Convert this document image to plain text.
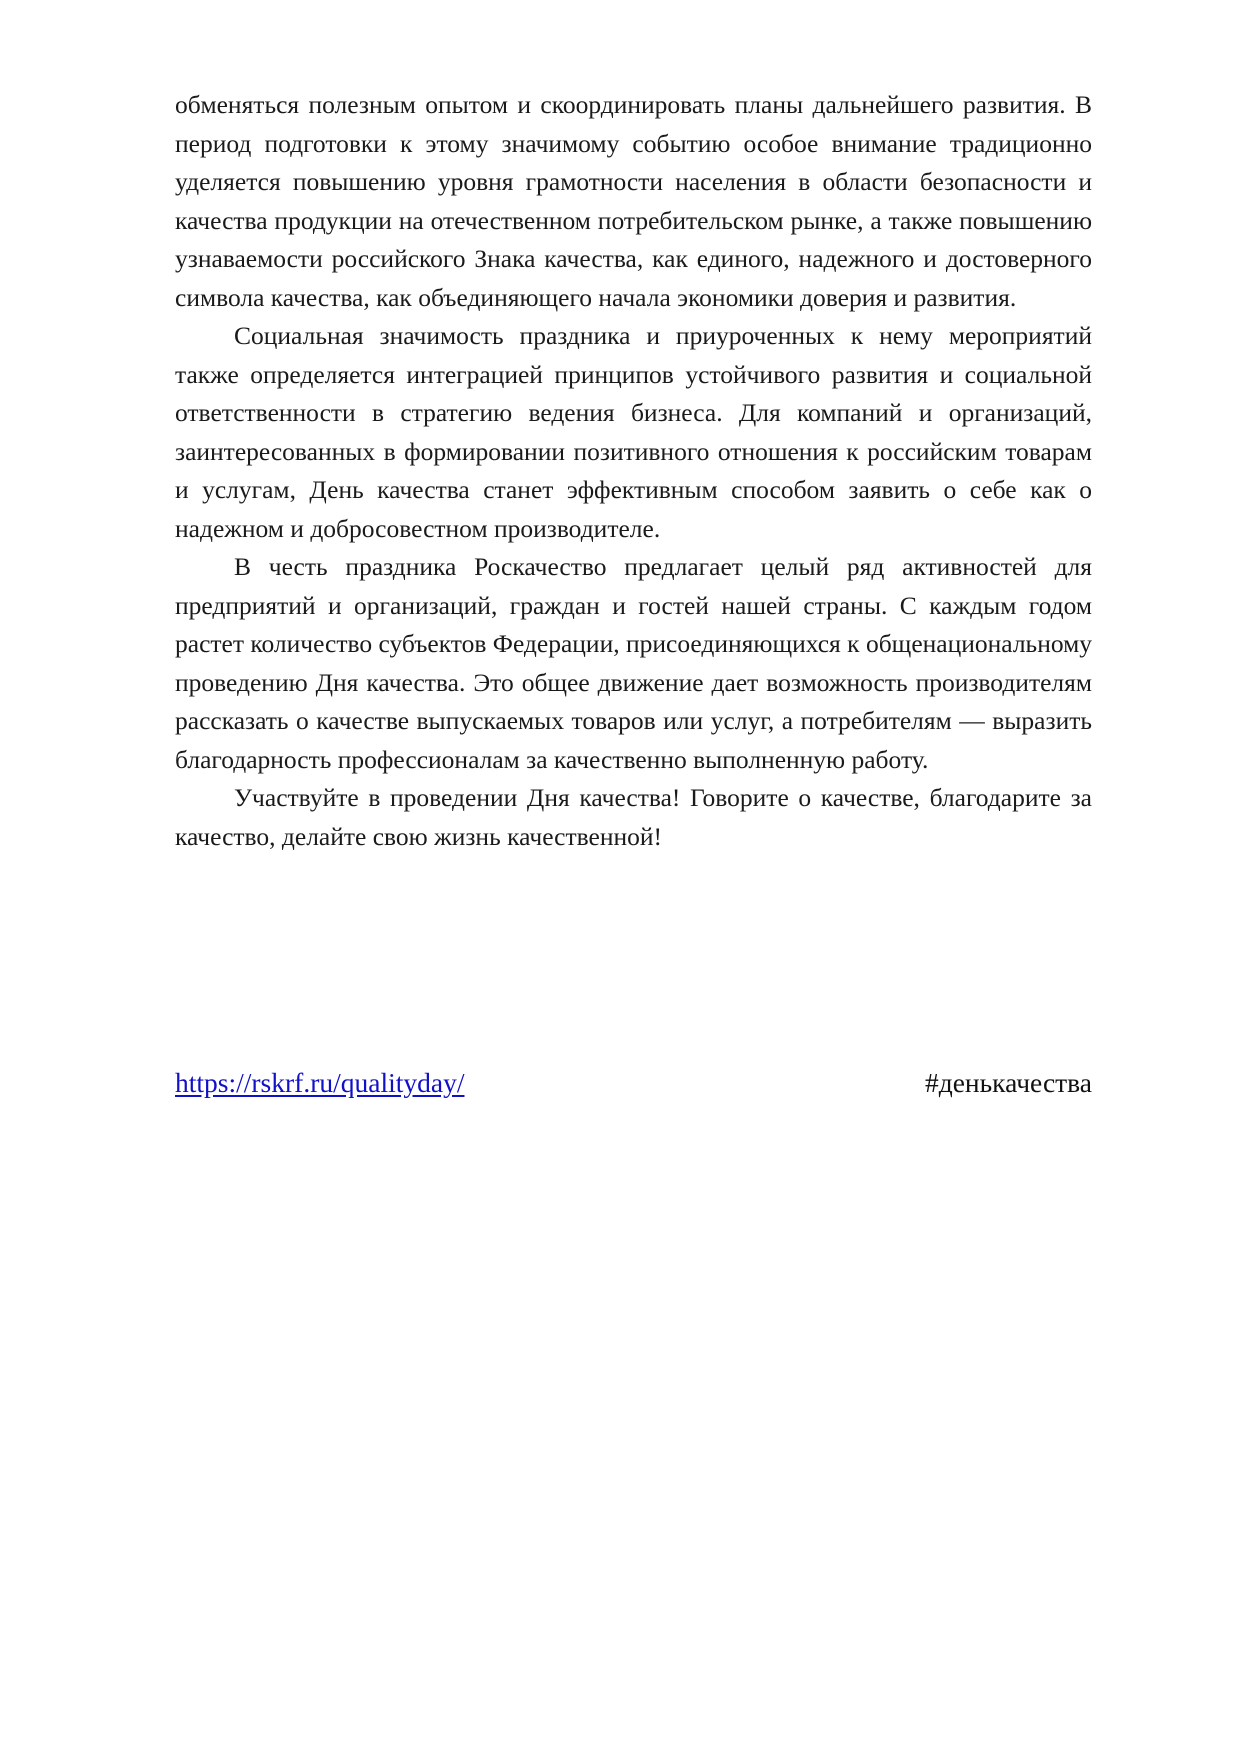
обменяться полезным опытом и скоординировать планы дальнейшего развития. В период подготовки к этому значимому событию особое внимание традиционно уделяется повышению уровня грамотности населения в области безопасности и качества продукции на отечественном потребительском рынке, а также повышению узнаваемости российского Знака качества, как единого, надежного и достоверного символа качества, как объединяющего начала экономики доверия и развития.

Социальная значимость праздника и приуроченных к нему мероприятий также определяется интеграцией принципов устойчивого развития и социальной ответственности в стратегию ведения бизнеса. Для компаний и организаций, заинтересованных в формировании позитивного отношения к российским товарам и услугам, День качества станет эффективным способом заявить о себе как о надежном и добросовестном производителе.

В честь праздника Роскачество предлагает целый ряд активностей для предприятий и организаций, граждан и гостей нашей страны. С каждым годом растет количество субъектов Федерации, присоединяющихся к общенациональному проведению Дня качества. Это общее движение дает возможность производителям рассказать о качестве выпускаемых товаров или услуг, а потребителям — выразить благодарность профессионалам за качественно выполненную работу.

Участвуйте в проведении Дня качества! Говорите о качестве, благодарите за качество, делайте свою жизнь качественной!

https://rskrf.ru/qualityday/	#денькачества
